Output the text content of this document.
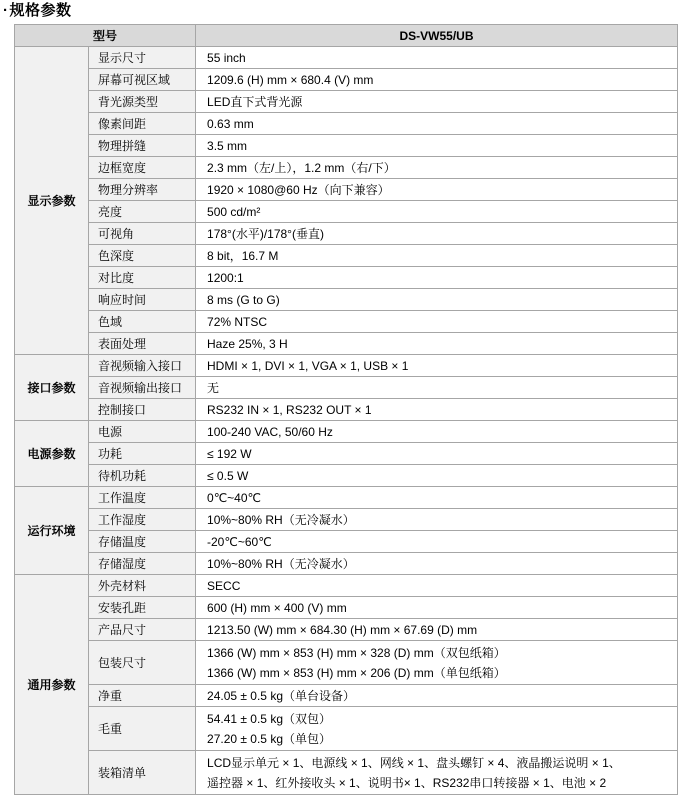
·规格参数
型号		DS-VW55/UB
显示参数	显示尺寸	55 inch
	屏幕可视区域	1209.6 (H) mm × 680.4 (V) mm
	背光源类型	LED直下式背光源
	像素间距	0.63 mm
	物理拼缝	3.5 mm
	边框宽度	2.3 mm（左/上），1.2 mm（右/下）
	物理分辨率	1920 × 1080@60 Hz（向下兼容）
	亮度	500 cd/m²
	可视角	178°(水平)/178°(垂直)
	色深度	8 bit，16.7 M
	对比度	1200:1
	响应时间	8 ms (G to G)
	色域	72% NTSC
	表面处理	Haze 25%, 3 H
接口参数	音视频输入接口	HDMI × 1, DVI × 1, VGA × 1, USB × 1
	音视频输出接口	无
	控制接口	RS232 IN × 1, RS232 OUT × 1
电源参数	电源	100-240 VAC, 50/60 Hz
	功耗	≤ 192 W
	待机功耗	≤ 0.5 W
运行环境	工作温度	0℃~40℃
	工作湿度	10%~80% RH（无冷凝水）
	存储温度	-20℃~60℃
	存储湿度	10%~80% RH（无冷凝水）
通用参数	外壳材料	SECC
	安装孔距	600 (H) mm × 400 (V) mm
	产品尺寸	1213.50 (W) mm × 684.30 (H) mm × 67.69 (D) mm
	包装尺寸	1366 (W) mm × 853 (H) mm × 328 (D) mm（双包纸箱）
1366 (W) mm × 853 (H) mm × 206 (D) mm（单包纸箱）

	净重	24.05 ± 0.5 kg（单台设备）
	毛重	54.41 ± 0.5 kg（双包）
27.20 ± 0.5 kg（单包）

	装箱清单	LCD显示单元 × 1、电源线 × 1、网线 × 1、盘头螺钉 × 4、液晶搬运说明 × 1、
遥控器 × 1、红外接收头 × 1、说明书× 1、RS232串口转接器 × 1、电池 × 2
